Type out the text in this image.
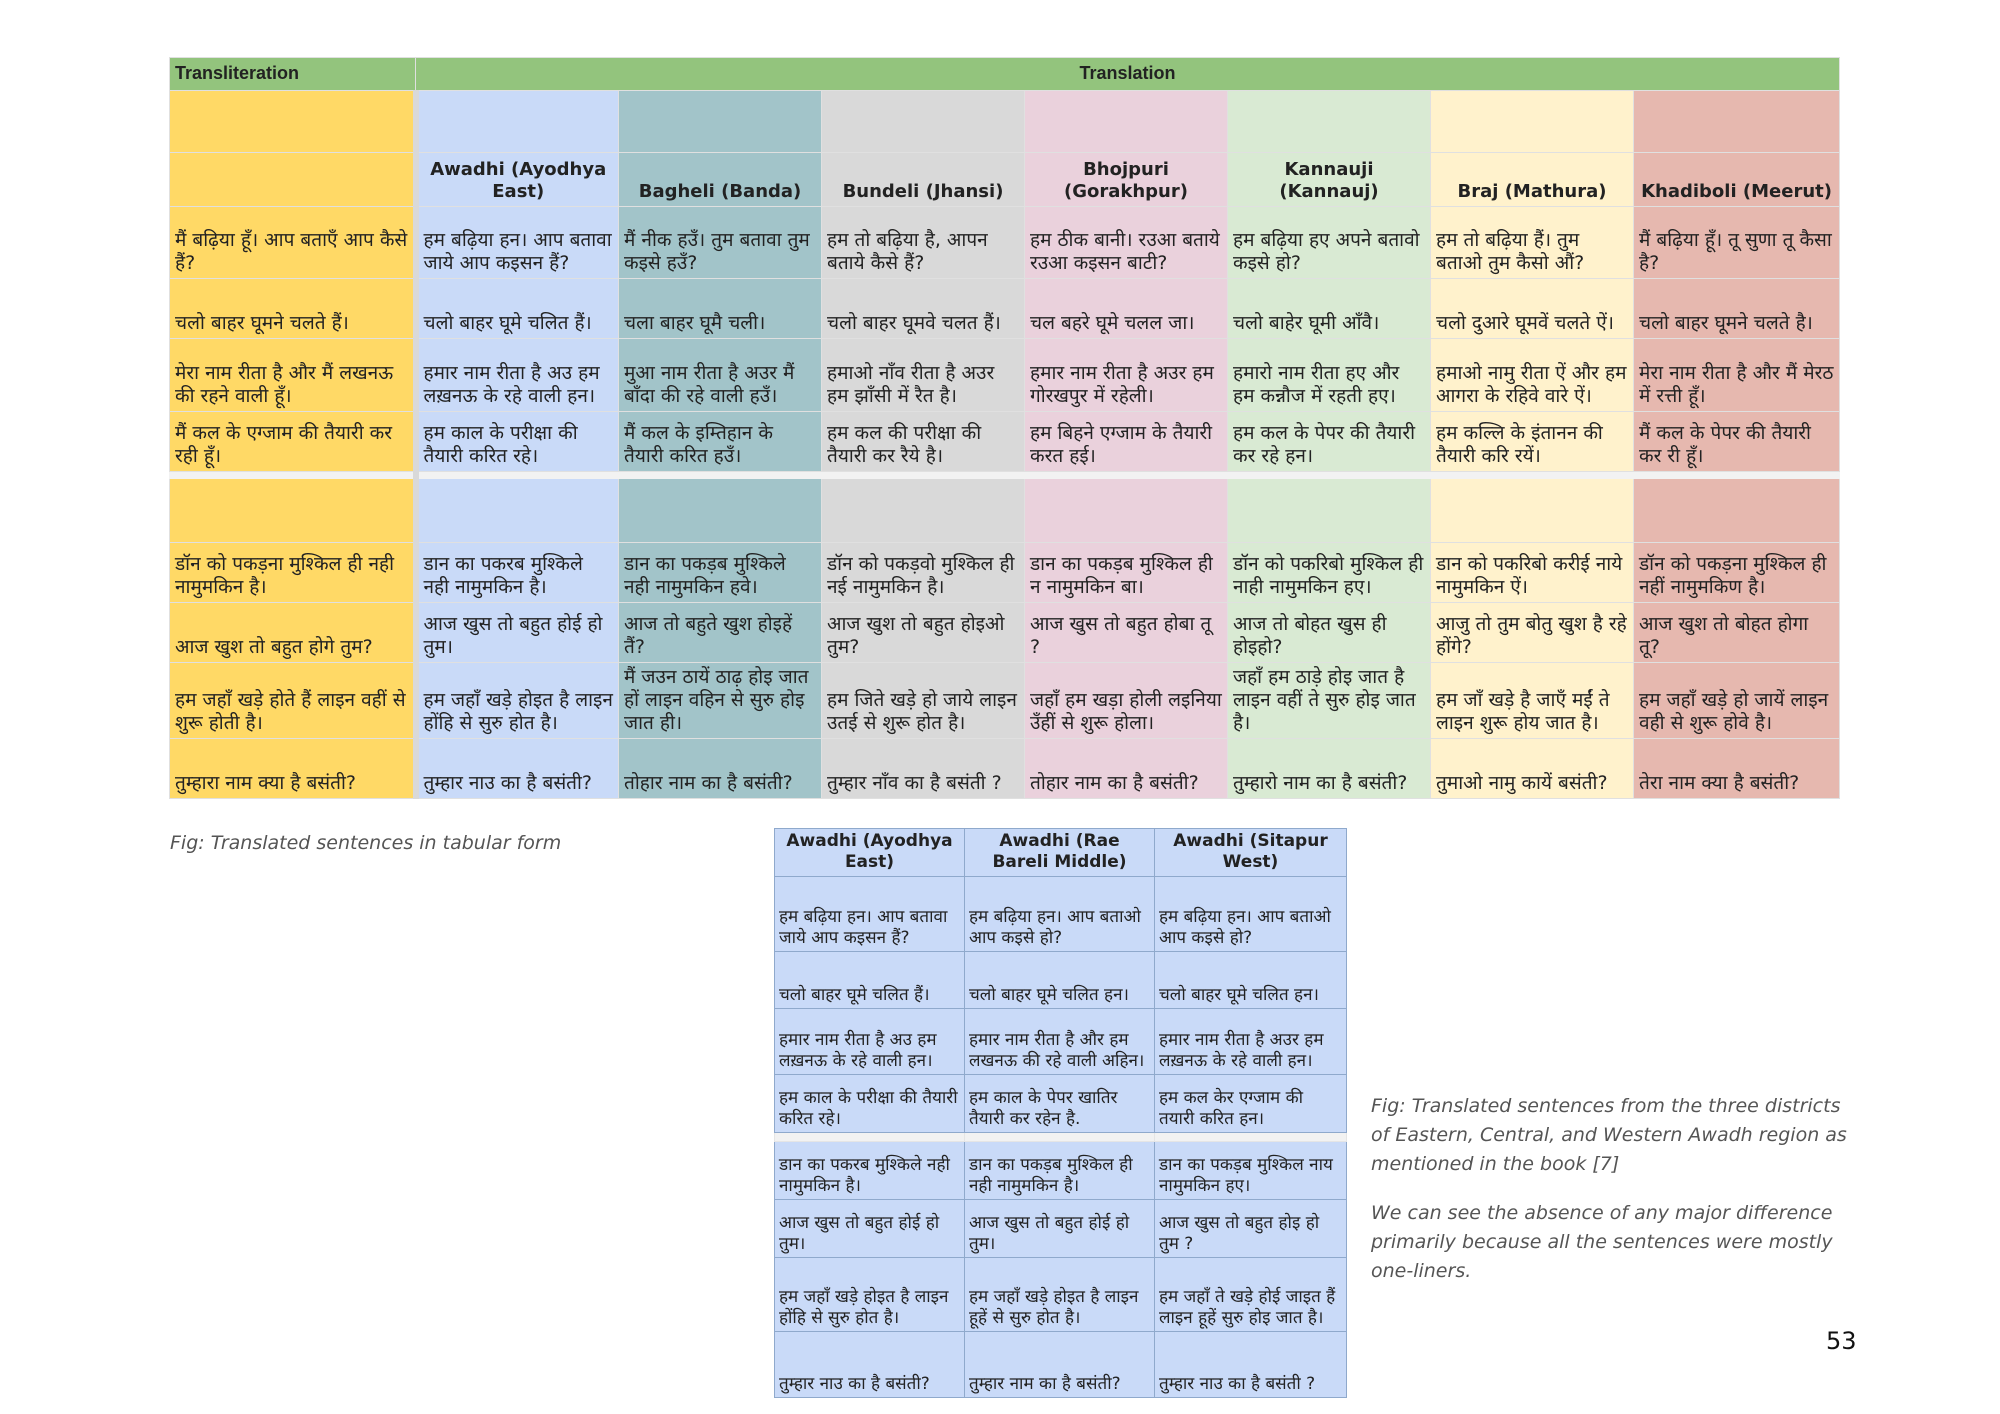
Transliteration	Translation						

	Awadhi (Ayodhya East)	Bagheli (Banda)	Bundeli (Jhansi)	Bhojpuri (Gorakhpur)	Kannauji (Kannauj)	Braj (Mathura)	Khadiboli (Meerut)
मैं बढ़िया हूँ। आप बताएँ आप कैसे हैं?	हम बढ़िया हन। आप बतावा जाये आप कइसन हैं?	मैं नीक हउँ। तुम बतावा तुम कइसे हउँ?	हम तो बढ़िया है, आपन बताये कैसे हैं?	हम ठीक बानी। रउआ बताये रउआ कइसन बाटी?	हम बढ़िया हए अपने बतावो कइसे हो?	हम तो बढ़िया हैं। तुम बताओ तुम कैसो औं?	मैं बढ़िया हूँ। तू सुणा तू कैसा है?
चलो बाहर घूमने चलते हैं।	चलो बाहर घूमे चलित हैं।	चला बाहर घूमै चली।	चलो बाहर घूमवे चलत हैं।	चल बहरे घूमे चलल जा।	चलो बाहेर घूमी आँवै।	चलो दुआरे घूमवें चलते ऐं।	चलो बाहर घूमने चलते है।
मेरा नाम रीता है और मैं लखनऊ की रहने वाली हूँ।	हमार नाम रीता है अउ हम लख़नऊ के रहे वाली हन।	मुआ नाम रीता है अउर मैं बाँदा की रहे वाली हउँ।	हमाओ नाँव रीता है अउर हम झाँसी में रैत है।	हमार नाम रीता है अउर हम गोरखपुर में रहेली।	हमारो नाम रीता हए और हम कन्नौज में रहती हए।	हमाओ नामु रीता ऐं और हम आगरा के रहिवे वारे ऐं।	मेरा नाम रीता है और मैं मेरठ में रत्ती हूँ।
मैं कल के एग्जाम की तैयारी कर रही हूँ।	हम काल के परीक्षा की तैयारी करित रहे।	मैं कल के इम्तिहान के तैयारी करित हउँ।	हम कल की परीक्षा की तैयारी कर रैये है।	हम बिहने एग्जाम के तैयारी करत हई।	हम कल के पेपर की तैयारी कर रहे हन।	हम कल्लि के इंतानन की तैयारी करि रयें।	मैं कल के पेपर की तैयारी कर री हूँ।

डॉन को पकड़ना मुश्किल ही नही नामुमकिन है।	डान का पकरब मुश्किले नही नामुमकिन है।	डान का पकड़ब मुश्किले नही नामुमकिन हवे।	डॉन को पकड़वो मुश्किल ही नई नामुमकिन है।	डान का पकड़ब मुश्किल ही न नामुमकिन बा।	डॉन को पकरिबो मुश्किल ही नाही नामुमकिन हए।	डान को पकरिबो करीई नाये नामुमकिन ऐं।	डॉन को पकड़ना मुश्किल ही नहीं नामुमकिण है।
आज खुश तो बहुत होगे तुम?	आज खुस तो बहुत होई हो तुम।	आज तो बहुते खुश होइहें तैं?	आज खुश तो बहुत होइओ तुम?	आज खुस तो बहुत होबा तू ?	आज तो बोहत खुस ही होइहो?	आजु तो तुम बोतु खुश है रहे होंगे?	आज खुश तो बोहत होगा तू?
हम जहाँ खड़े होते हैं लाइन वहीं से शुरू होती है।	हम जहाँ खड़े होइत है लाइन होंहि से सुरु होत है।	मैं जउन ठायें ठाढ़ होइ जात हों लाइन वहिन से सुरु होइ जात ही।	हम जिते खड़े हो जाये लाइन उतई से शुरू होत है।	जहाँ हम खड़ा होली लइनिया उँहीं से शुरू होला।	जहाँ हम ठाड़े होइ जात है लाइन वहीं ते सुरु होइ जात है।	हम जाँ खड़े है जाएँ मईं ते लाइन शुरू होय जात है।	हम जहाँ खड़े हो जायें लाइन वही से शुरू होवे है।
तुम्हारा नाम क्या है बसंती?	तुम्हार नाउ का है बसंती?	तोहार नाम का है बसंती?	तुम्हार नाँव का है बसंती ?	तोहार नाम का है बसंती?	तुम्हारो नाम का है बसंती?	तुमाओ नामु कायें बसंती?	तेरा नाम क्या है बसंती?
Fig: Translated sentences in tabular form	Awadhi (Ayodhya East)	Awadhi (Rae Bareli Middle)	Awadhi (Sitapur West)
हम बढ़िया हन। आप बतावा जाये आप कइसन हैं?	हम बढ़िया हन। आप बताओ आप कइसे हो?	हम बढ़िया हन। आप बताओ आप कइसे हो?
चलो बाहर घूमे चलित हैं।	चलो बाहर घूमे चलित हन।	चलो बाहर घूमे चलित हन।
हमार नाम रीता है अउ हम लख़नऊ के रहे वाली हन।	हमार नाम रीता है और हम लखनऊ की रहे वाली अहिन।	हमार नाम रीता है अउर हम लख़नऊ के रहे वाली हन।
हम काल के परीक्षा की तैयारी करित रहे।	हम काल के पेपर खातिर तैयारी कर रहेन है.	हम कल केर एग्जाम की तयारी करित हन।

डान का पकरब मुश्किले नही नामुमकिन है।	डान का पकड़ब मुश्किल ही नही नामुमकिन है।	डान का पकड़ब मुश्किल नाय नामुमकिन हए।
आज खुस तो बहुत होई हो तुम।	आज खुस तो बहुत होई हो तुम।	आज खुस तो बहुत होइ हो तुम ?
हम जहाँ खड़े होइत है लाइन होंहि से सुरु होत है।	हम जहाँ खड़े होइत है लाइन हूहें से सुरु होत है।	हम जहाँ ते खड़े होई जाइत हैं लाइन हूहें सुरु होइ जात है।
तुम्हार नाउ का है बसंती?	तुम्हार नाम का है बसंती?	तुम्हार नाउ का है बसंती ?
Fig: Translated sentences from the three districts of Eastern, Central, and Western Awadh region as mentioned in the book [7]
We can see the absence of any major difference primarily because all the sentences were mostly one-liners.
53
